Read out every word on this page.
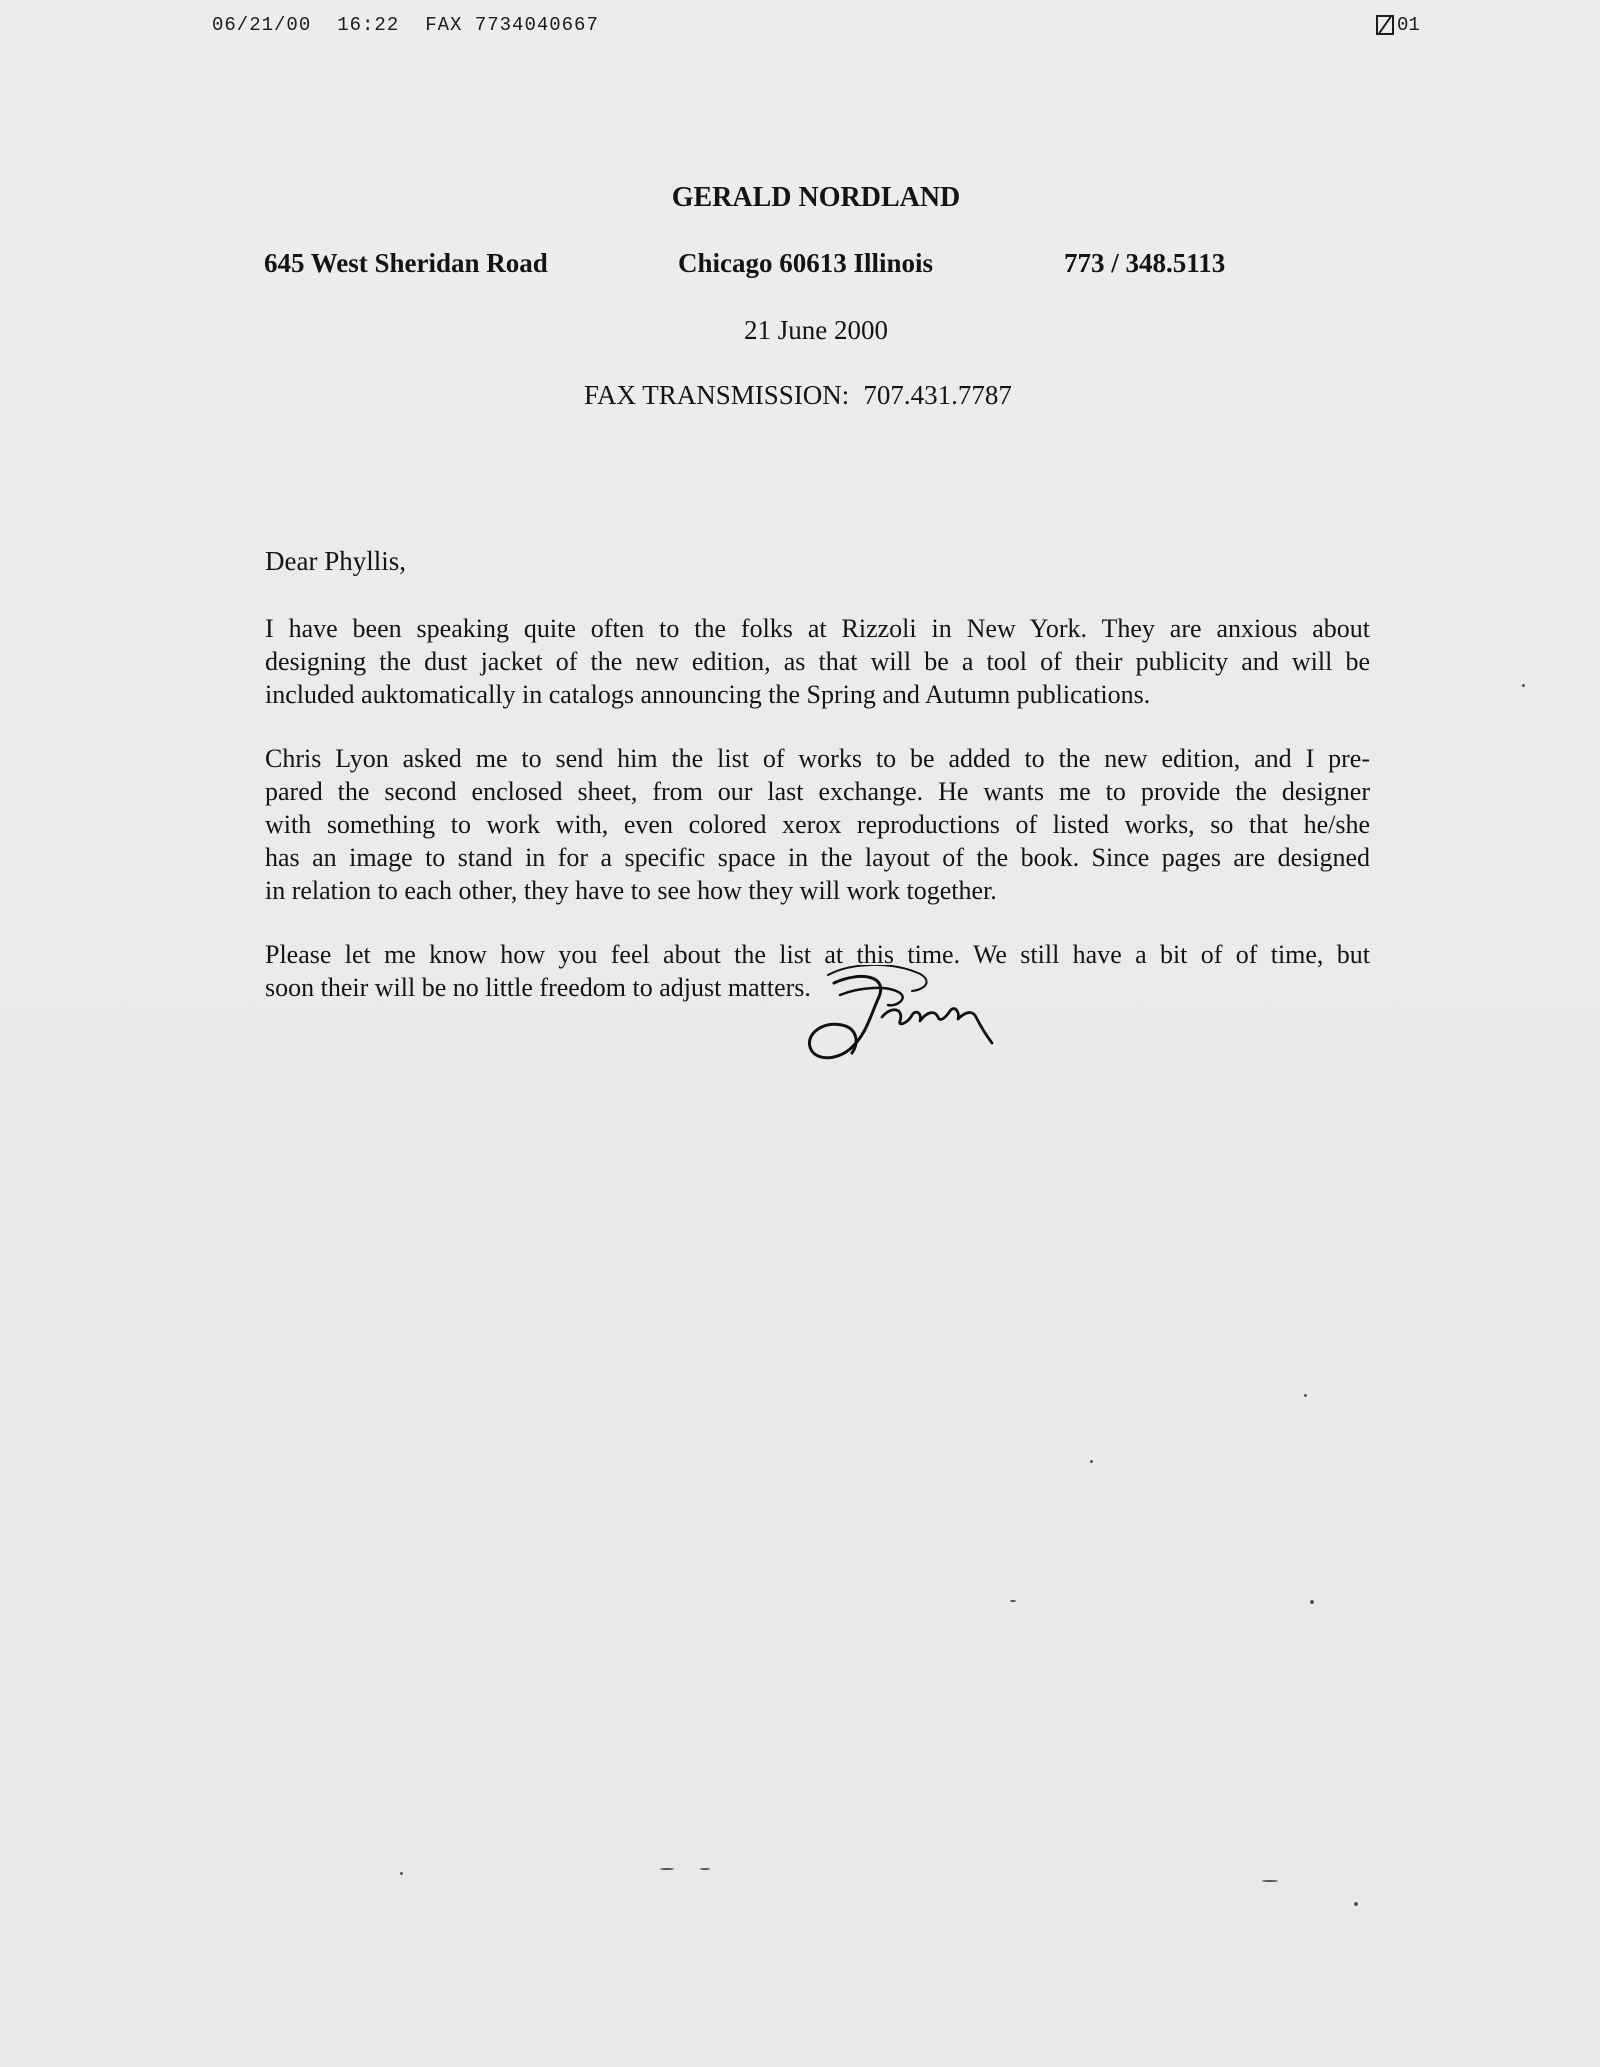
06/21/00 16:22 FAX 7734040667	01
GERALD NORDLAND
645 West Sheridan Road	Chicago 60613 Illinois	773 / 348.5113
21 June 2000
FAX TRANSMISSION: 707.431.7787
Dear Phyllis,
I have been speaking quite often to the folks at Rizzoli in New York. They are anxious about
designing the dust jacket of the new edition, as that will be a tool of their publicity and will be
included auktomatically in catalogs announcing the Spring and Autumn publications.
Chris Lyon asked me to send him the list of works to be added to the new edition, and I pre-
pared the second enclosed sheet, from our last exchange. He wants me to provide the designer
with something to work with, even colored xerox reproductions of listed works, so that he/she
has an image to stand in for a specific space in the layout of the book. Since pages are designed
in relation to each other, they have to see how they will work together.
Please let me know how you feel about the list at this time. We still have a bit of of time, but
soon their will be no little freedom to adjust matters.
